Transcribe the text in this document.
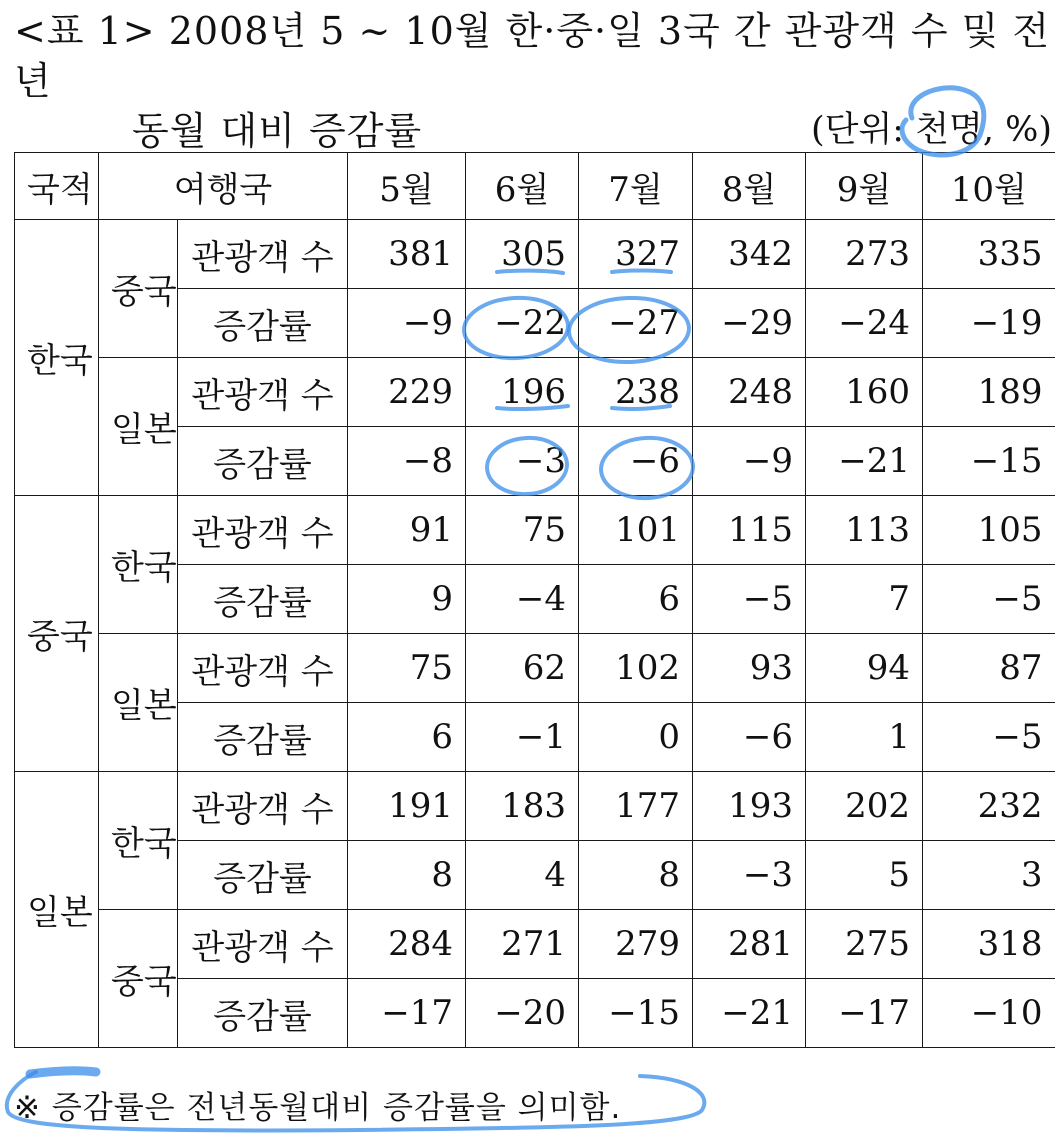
<표 1> 2008년 5 ~ 10월 한·중·일 3국 간 관광객 수 및 전년
동월 대비 증감률	(단위: 천명, %)
국적	여행국		5월	6월	7월	8월	9월	10월
한국	중국	관광객 수	381	305	327	342	273	335
		증감률	−9	−22	−27	−29	−24	−19
	일본	관광객 수	229	196	238	248	160	189
		증감률	−8	−3	−6	−9	−21	−15
중국	한국	관광객 수	91	75	101	115	113	105
		증감률	9	−4	6	−5	7	−5
	일본	관광객 수	75	62	102	93	94	87
		증감률	6	−1	0	−6	1	−5
일본	한국	관광객 수	191	183	177	193	202	232
		증감률	8	4	8	−3	5	3
	중국	관광객 수	284	271	279	281	275	318
		증감률	−17	−20	−15	−21	−17	−10
※ 증감률은 전년동월대비 증감률을 의미함.
